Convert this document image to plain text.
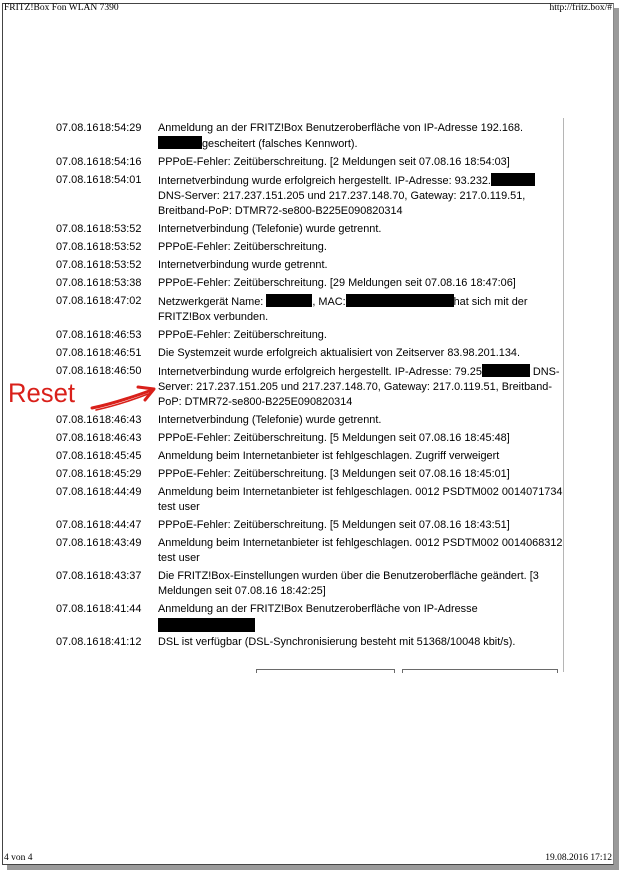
FRITZ!Box Fon WLAN 7390	http://fritz.box/#
07.08.16 18:54:29	Anmeldung an der FRITZ!Box Benutzeroberfläche von IP-Adresse 192.168.gescheitert (falsches Kennwort).
07.08.16 18:54:16	PPPoE-Fehler: Zeitüberschreitung. [2 Meldungen seit 07.08.16 18:54:03]
07.08.16 18:54:01	Internetverbindung wurde erfolgreich hergestellt. IP-Adresse: 93.232. DNS-Server: 217.237.151.205 und 217.237.148.70, Gateway: 217.0.119.51, Breitband-PoP: DTMR72-se800-B225E090820314
07.08.16 18:53:52	Internetverbindung (Telefonie) wurde getrennt.
07.08.16 18:53:52	PPPoE-Fehler: Zeitüberschreitung.
07.08.16 18:53:52	Internetverbindung wurde getrennt.
07.08.16 18:53:38	PPPoE-Fehler: Zeitüberschreitung. [29 Meldungen seit 07.08.16 18:47:06]
07.08.16 18:47:02	Netzwerkgerät Name:	, MAC:	hat sich mit der FRITZ!Box verbunden.
07.08.16 18:46:53	PPPoE-Fehler: Zeitüberschreitung.
07.08.16 18:46:51	Die Systemzeit wurde erfolgreich aktualisiert von Zeitserver 83.98.201.134.
07.08.16 18:46:50	Internetverbindung wurde erfolgreich hergestellt. IP-Adresse: 79.25	DNS-Server: 217.237.151.205 und 217.237.148.70, Gateway: 217.0.119.51, Breitband-PoP: DTMR72-se800-B225E090820314
07.08.16 18:46:43	Internetverbindung (Telefonie) wurde getrennt.
07.08.16 18:46:43	PPPoE-Fehler: Zeitüberschreitung. [5 Meldungen seit 07.08.16 18:45:48]
07.08.16 18:45:45	Anmeldung beim Internetanbieter ist fehlgeschlagen. Zugriff verweigert
07.08.16 18:45:29	PPPoE-Fehler: Zeitüberschreitung. [3 Meldungen seit 07.08.16 18:45:01]
07.08.16 18:44:49	Anmeldung beim Internetanbieter ist fehlgeschlagen. 0012 PSDTM002 0014071734 test user
07.08.16 18:44:47	PPPoE-Fehler: Zeitüberschreitung. [5 Meldungen seit 07.08.16 18:43:51]
07.08.16 18:43:49	Anmeldung beim Internetanbieter ist fehlgeschlagen. 0012 PSDTM002 0014068312 test user
07.08.16 18:43:37	Die FRITZ!Box-Einstellungen wurden über die Benutzeroberfläche geändert. [3 Meldungen seit 07.08.16 18:42:25]
07.08.16 18:41:44	Anmeldung an der FRITZ!Box Benutzeroberfläche von IP-Adresse
07.08.16 18:41:12	DSL ist verfügbar (DSL-Synchronisierung besteht mit 51368/10048 kbit/s).
Reset
4 von 4	19.08.2016 17:12
